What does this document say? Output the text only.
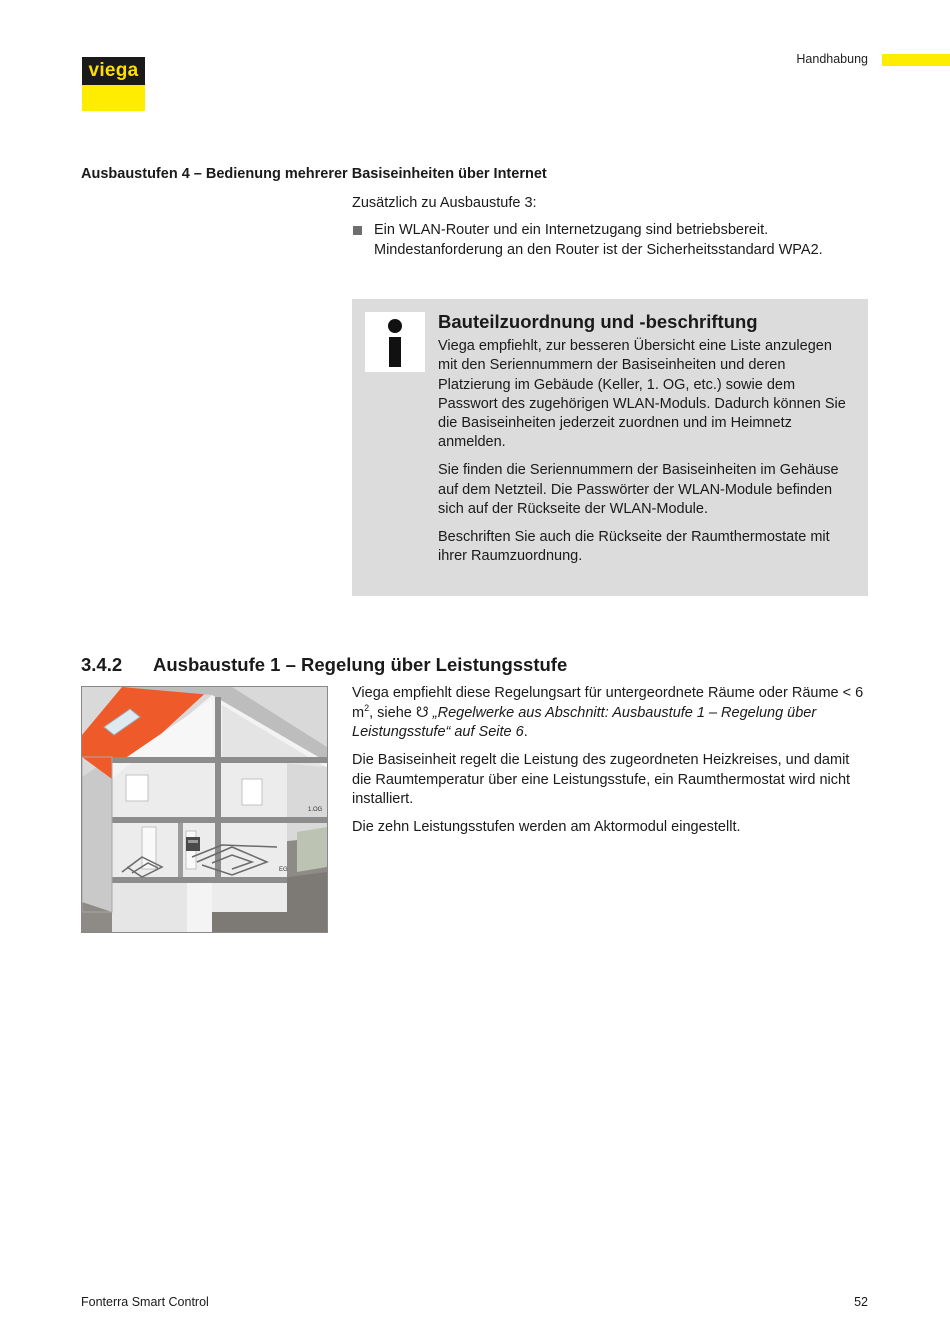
viega
Handhabung
Ausbaustufen 4 – Bedienung mehrerer Basiseinheiten über Internet
Zusätzlich zu Ausbaustufe 3:
Ein WLAN-Router und ein Internetzugang sind betriebsbereit. Mindestanforderung an den Router ist der Sicherheitsstandard WPA2.
Bauteilzuordnung und -beschriftung

Viega empfiehlt, zur besseren Übersicht eine Liste anzulegen mit den Seriennummern der Basiseinheiten und deren Platzierung im Gebäude (Keller, 1. OG, etc.) sowie dem Passwort des zugehörigen WLAN-Moduls. Dadurch können Sie die Basiseinheiten jederzeit zuordnen und im Heimnetz anmelden.

Sie finden die Seriennummern der Basiseinheiten im Gehäuse auf dem Netzteil. Die Passwörter der WLAN-Module befinden sich auf der Rückseite der WLAN-Module.

Beschriften Sie auch die Rückseite der Raumthermostate mit ihrer Raumzuordnung.

3.4.2 Ausbaustufe 1 – Regelung über Leistungsstufe
1.OG
EG

Viega empfiehlt diese Regelungsart für untergeordnete Räume oder Räume < 6 $m^2$, siehe ☋ „Regelwerke aus Abschnitt: Ausbaustufe 1 – Regelung über Leistungsstufe“ auf Seite 6.

Die Basiseinheit regelt die Leistung des zugeordneten Heizkreises, und damit die Raumtemperatur über eine Leistungsstufe, ein Raumthermostat wird nicht installiert.

Die zehn Leistungsstufen werden am Aktormodul eingestellt.

Fonterra Smart Control	52
